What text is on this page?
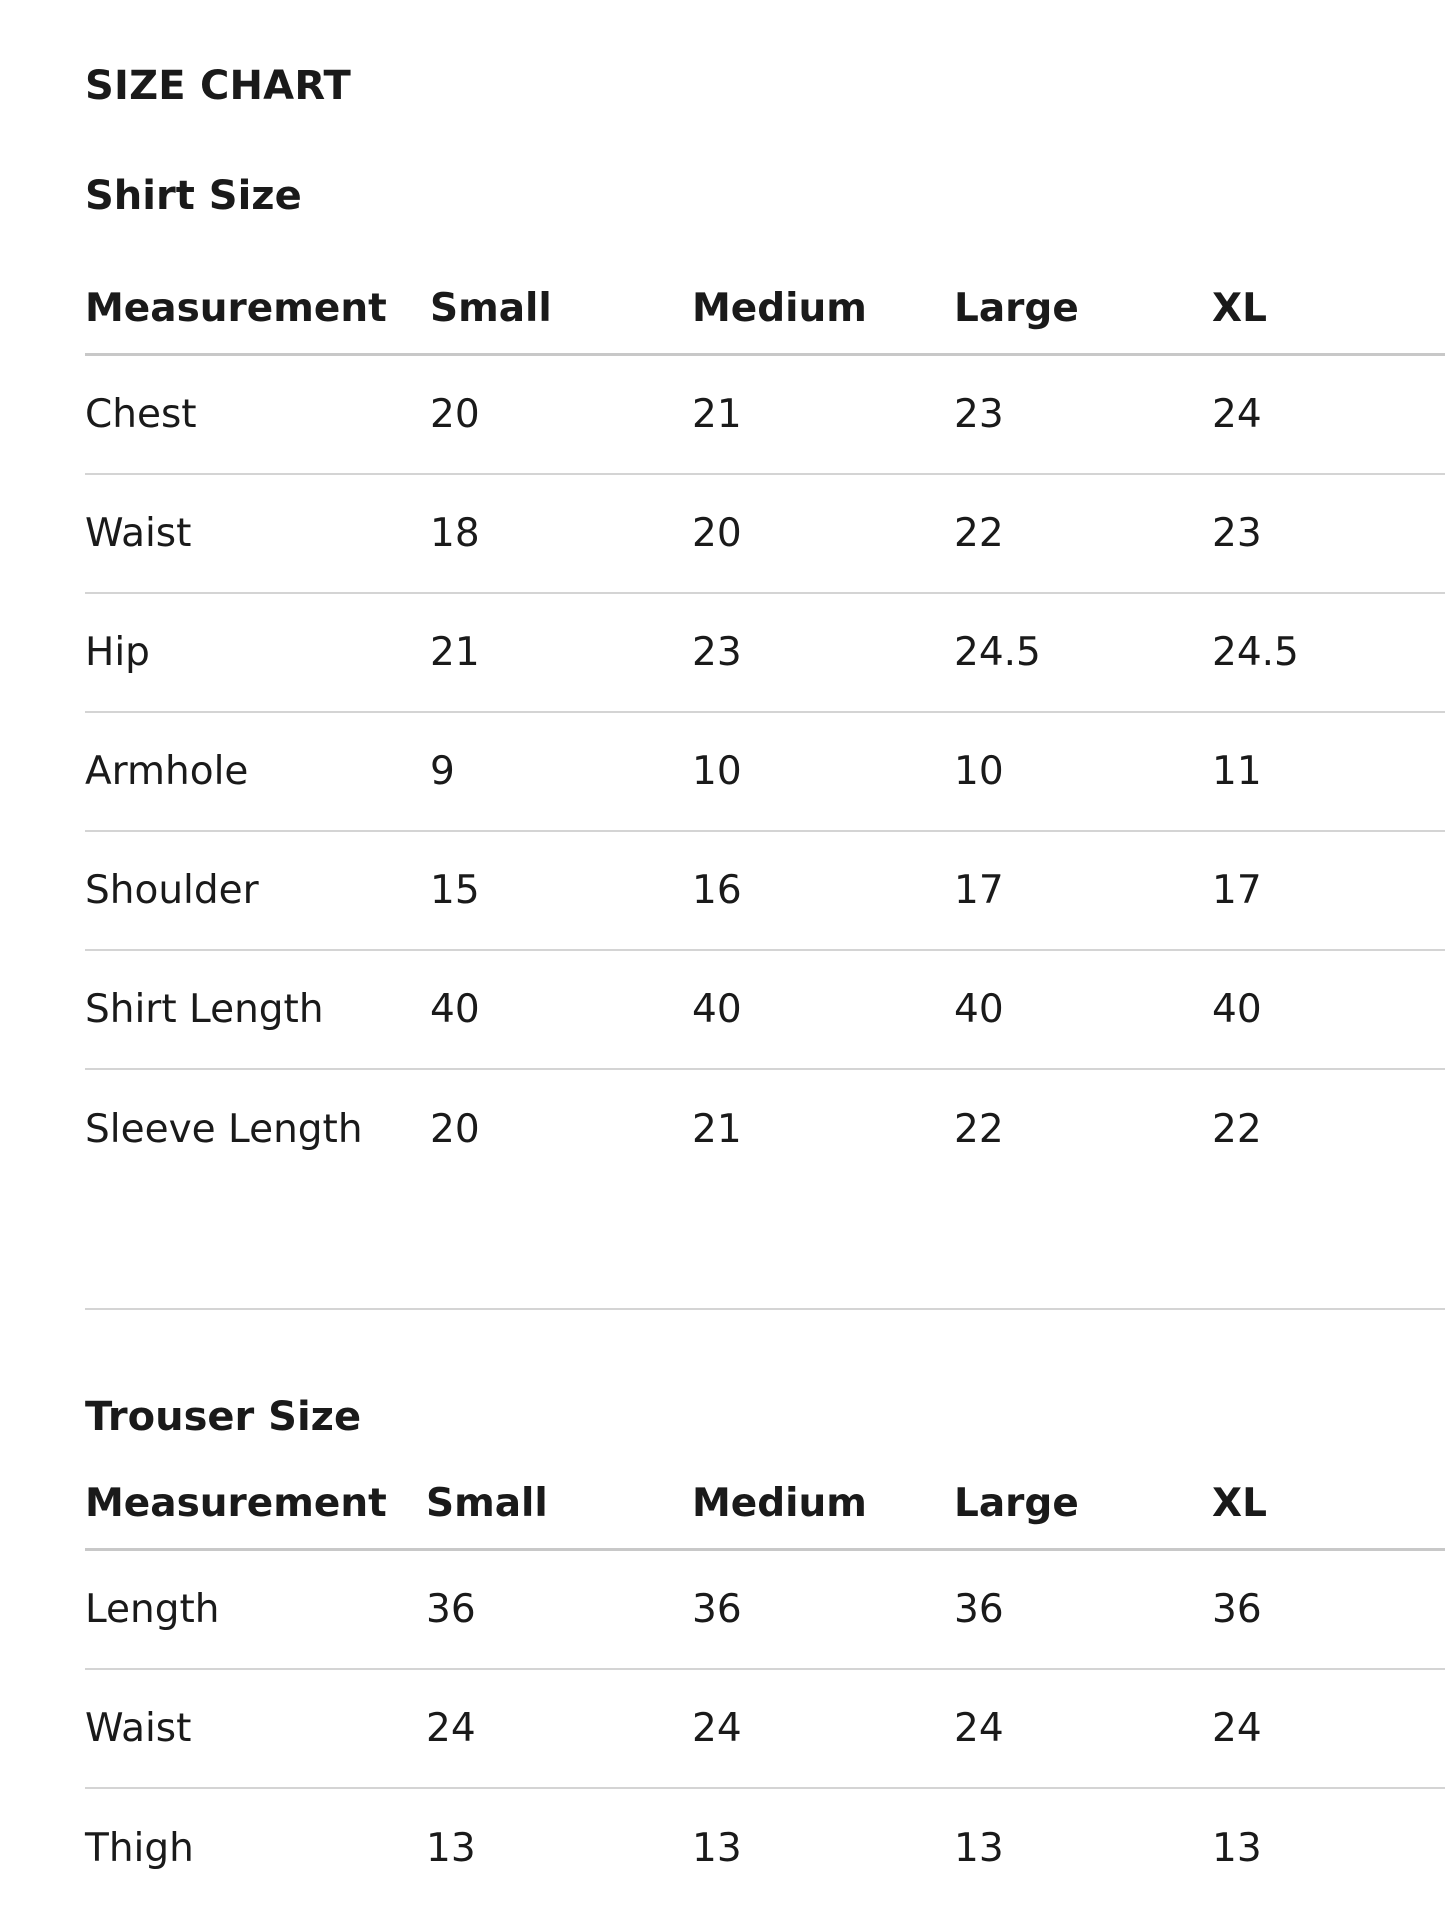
SIZE CHART
Shirt Size
Measurement	Small	Medium	Large	XL
Chest	20	21	23	24
Waist	18	20	22	23
Hip	21	23	24.5	24.5
Armhole	9	10	10	11
Shoulder	15	16	17	17
Shirt Length	40	40	40	40
Sleeve Length	20	21	22	22
Trouser Size
Measurement	Small	Medium	Large	XL
Length	36	36	36	36
Waist	24	24	24	24
Thigh	13	13	13	13
